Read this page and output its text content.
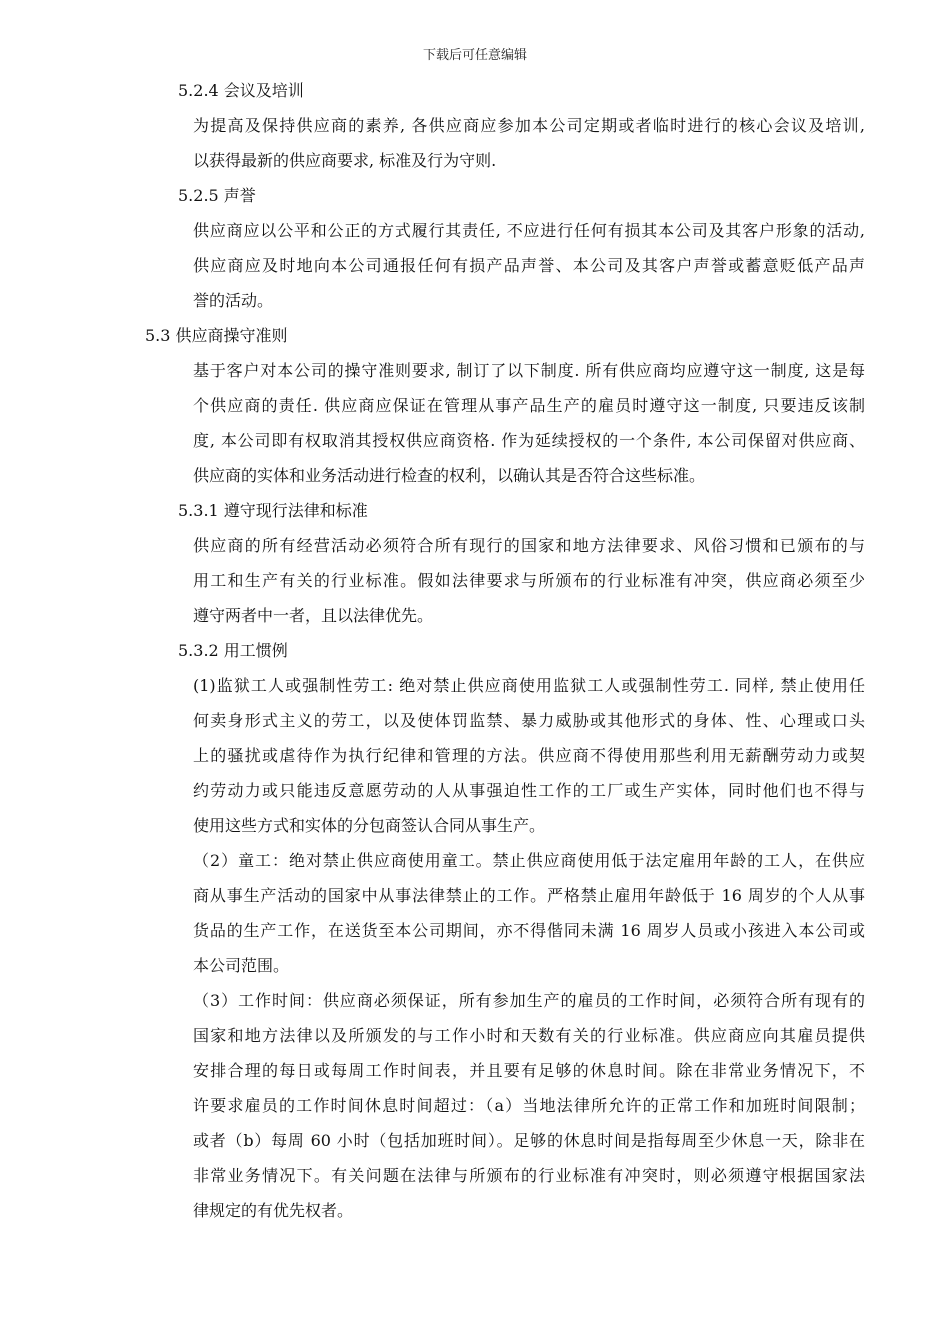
下载后可任意编辑
5.2.4 会议及培训
为提高及保持供应商的素养, 各供应商应参加本公司定期或者临时进行的核心会议及培训,
以获得最新的供应商要求, 标准及行为守则.
5.2.5 声誉
供应商应以公平和公正的方式履行其责任, 不应进行任何有损其本公司及其客户形象的活动,
供应商应及时地向本公司通报任何有损产品声誉、本公司及其客户声誉或蓄意贬低产品声
誉的活动。
5.3 供应商操守准则
基于客户对本公司的操守准则要求, 制订了以下制度. 所有供应商均应遵守这一制度, 这是每
个供应商的责任. 供应商应保证在管理从事产品生产的雇员时遵守这一制度, 只要违反该制
度, 本公司即有权取消其授权供应商资格. 作为延续授权的一个条件, 本公司保留对供应商、
供应商的实体和业务活动进行检查的权利，以确认其是否符合这些标准。
5.3.1 遵守现行法律和标准
供应商的所有经营活动必须符合所有现行的国家和地方法律要求、风俗习惯和已颁布的与
用工和生产有关的行业标准。假如法律要求与所颁布的行业标准有冲突，供应商必须至少
遵守两者中一者，且以法律优先。
5.3.2 用工惯例
(1)监狱工人或强制性劳工: 绝对禁止供应商使用监狱工人或强制性劳工. 同样, 禁止使用任
何卖身形式主义的劳工，以及使体罚监禁、暴力威胁或其他形式的身体、性、心理或口头
上的骚扰或虐待作为执行纪律和管理的方法。供应商不得使用那些利用无薪酬劳动力或契
约劳动力或只能违反意愿劳动的人从事强迫性工作的工厂或生产实体，同时他们也不得与
使用这些方式和实体的分包商签认合同从事生产。
（2）童工：绝对禁止供应商使用童工。禁止供应商使用低于法定雇用年龄的工人，在供应
商从事生产活动的国家中从事法律禁止的工作。严格禁止雇用年龄低于 16 周岁的个人从事
货品的生产工作，在送货至本公司期间，亦不得偕同未满 16 周岁人员或小孩进入本公司或
本公司范围。
（3）工作时间：供应商必须保证，所有参加生产的雇员的工作时间，必须符合所有现有的
国家和地方法律以及所颁发的与工作小时和天数有关的行业标准。供应商应向其雇员提供
安排合理的每日或每周工作时间表，并且要有足够的休息时间。除在非常业务情况下，不
许要求雇员的工作时间休息时间超过：（a）当地法律所允许的正常工作和加班时间限制；
或者（b）每周 60 小时（包括加班时间）。足够的休息时间是指每周至少休息一天，除非在
非常业务情况下。有关问题在法律与所颁布的行业标准有冲突时，则必须遵守根据国家法
律规定的有优先权者。
